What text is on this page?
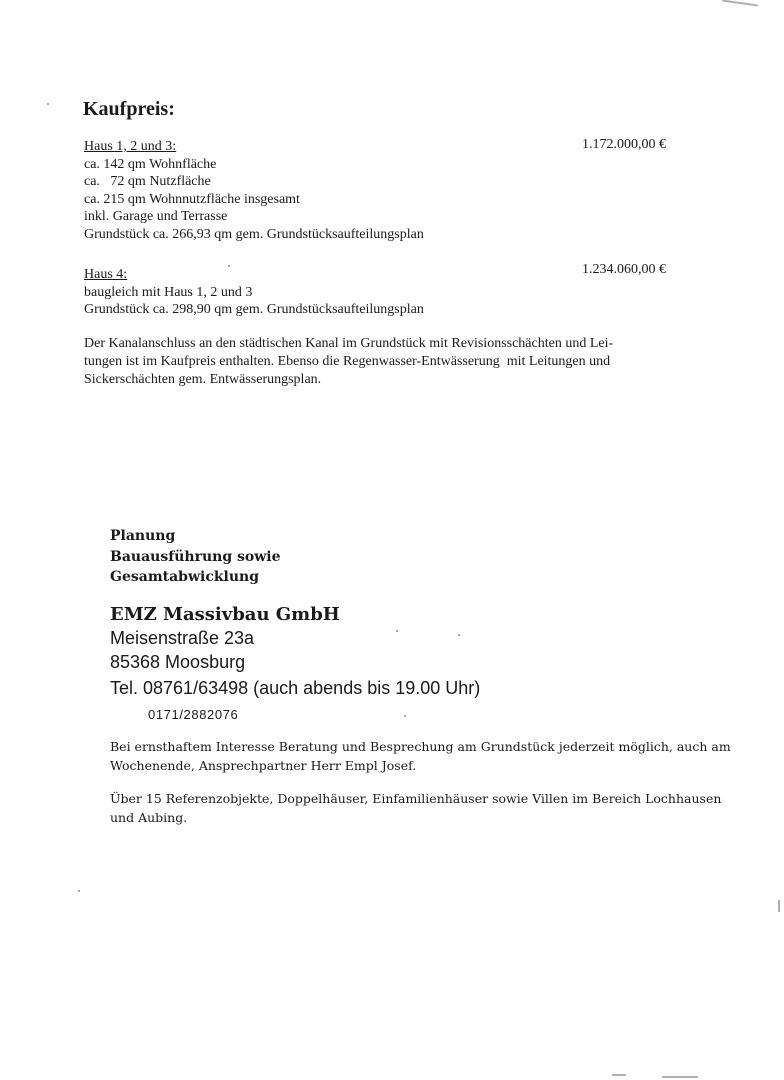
Kaufpreis:
Haus 1, 2 und 3:
ca. 142 qm Wohnfläche
ca.   72 qm Nutzfläche
ca. 215 qm Wohnnutzfläche insgesamt
inkl. Garage und Terrasse
Grundstück ca. 266,93 qm gem. Grundstücksaufteilungsplan
1.172.000,00 €
Haus 4:
baugleich mit Haus 1, 2 und 3
Grundstück ca. 298,90 qm gem. Grundstücksaufteilungsplan
1.234.060,00 €
Der Kanalanschluss an den städtischen Kanal im Grundstück mit Revisionsschächten und Lei-
tungen ist im Kaufpreis enthalten. Ebenso die Regenwasser-Entwässerung  mit Leitungen und
Sickerschächten gem. Entwässerungsplan.
Planung
Bauausführung sowie
Gesamtabwicklung
EMZ Massivbau GmbH
Meisenstraße 23a
85368 Moosburg
Tel. 08761/63498 (auch abends bis 19.00 Uhr)
0171/2882076
Bei ernsthaftem Interesse Beratung und Besprechung am Grundstück jederzeit möglich, auch am
Wochenende, Ansprechpartner Herr Empl Josef.
Über 15 Referenzobjekte, Doppelhäuser, Einfamilienhäuser sowie Villen im Bereich Lochhausen
und Aubing.
